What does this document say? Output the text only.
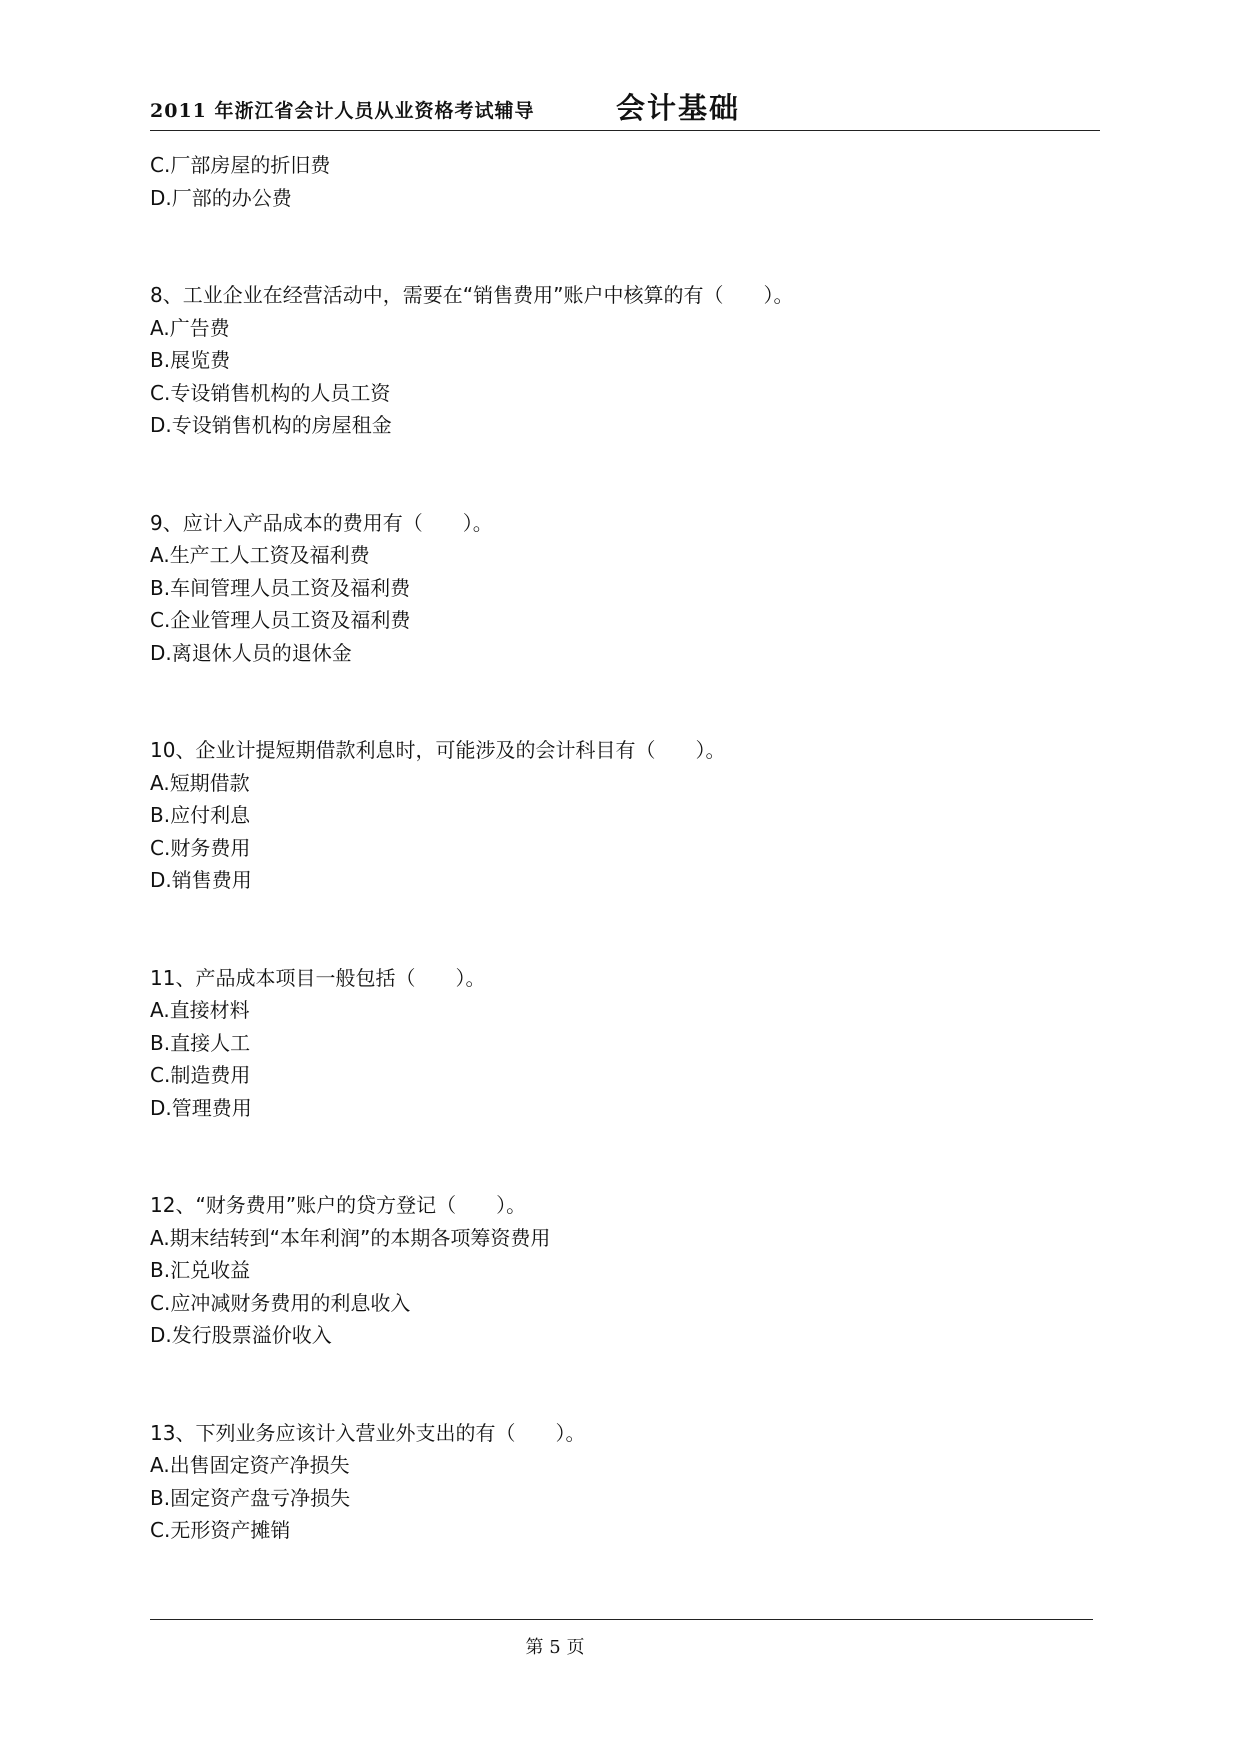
2011 年浙江省会计人员从业资格考试辅导	会计基础
C.厂部房屋的折旧费
D.厂部的办公费
8、工业企业在经营活动中，需要在“销售费用”账户中核算的有（　　）。
A.广告费
B.展览费
C.专设销售机构的人员工资
D.专设销售机构的房屋租金
9、应计入产品成本的费用有（　　）。
A.生产工人工资及福利费
B.车间管理人员工资及福利费
C.企业管理人员工资及福利费
D.离退休人员的退休金
10、企业计提短期借款利息时，可能涉及的会计科目有（　　）。
A.短期借款
B.应付利息
C.财务费用
D.销售费用
11、产品成本项目一般包括（　　）。
A.直接材料
B.直接人工
C.制造费用
D.管理费用
12、“财务费用”账户的贷方登记（　　）。
A.期末结转到“本年利润”的本期各项筹资费用
B.汇兑收益
C.应冲减财务费用的利息收入
D.发行股票溢价收入
13、下列业务应该计入营业外支出的有（　　）。
A.出售固定资产净损失
B.固定资产盘亏净损失
C.无形资产摊销
第 5 页
